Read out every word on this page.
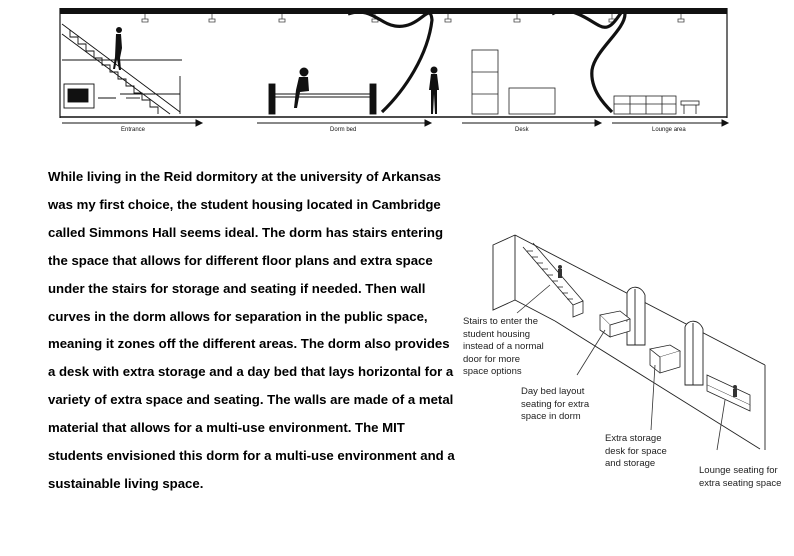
Entrance	Dorm bed	Desk	Lounge area
While living in the Reid dormitory at the university of Arkansas was my first choice, the student housing located in Cambridge called Simmons Hall seems ideal. The dorm has stairs entering the space that allows for different floor plans and extra space under the stairs for storage and seating if needed. Then wall curves in the dorm allows for separation in the public space, meaning it zones off the different areas. The dorm also provides a desk with extra storage and a day bed that lays horizontal for a variety of extra space and seating. The walls are made of a metal material that allows for a multi-use environment. The MIT students envisioned this dorm for a multi-use environment and a sustainable living space.
Stairs to enter the
student housing
instead of a normal
door for more
space options
Day bed layout
seating for extra
space in dorm
Extra storage
desk for space
and storage
Lounge seating for
extra seating space
